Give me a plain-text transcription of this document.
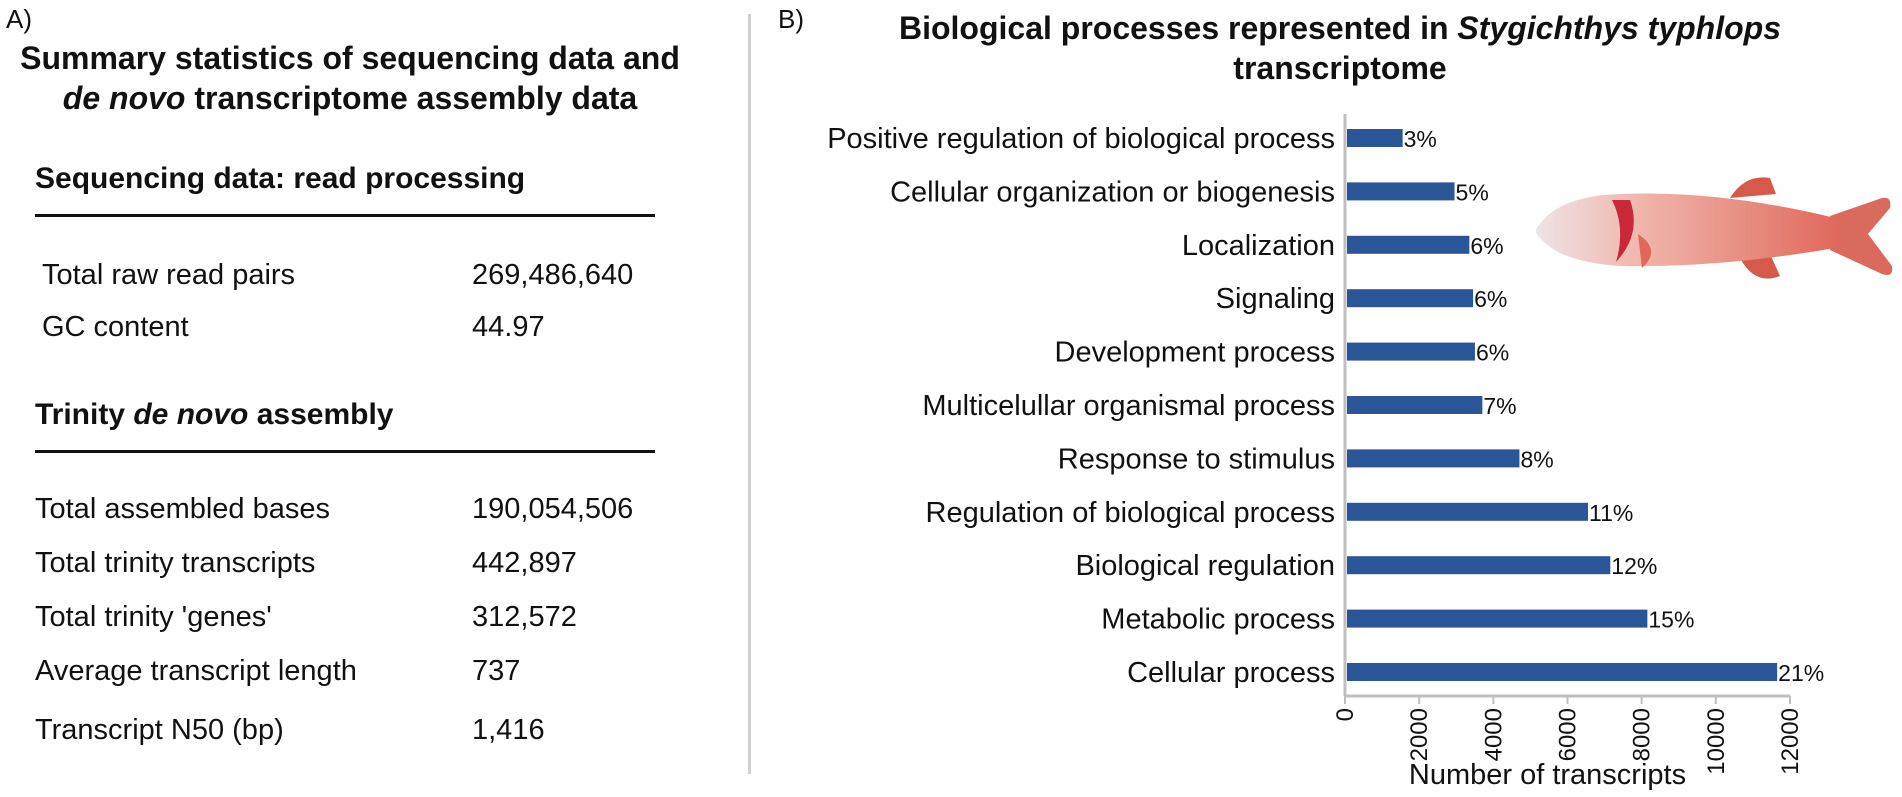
A)
Summary statistics of sequencing data and
de novo transcriptome assembly data
Sequencing data: read processing
Total raw read pairs	269,486,640
GC content	44.97
Trinity de novo assembly
Total assembled bases	190,054,506
Total trinity transcripts	442,897
Total trinity 'genes'	312,572
Average transcript length	737
Transcript N50 (bp)	1,416
B)	Biological processes represented in Stygichthys typhlops
transcriptome
Positive regulation of biological process	3%
Cellular organization or biogenesis	5%
Localization	6%
Signaling	6%
Development process	6%
Multicelullar organismal process	7%
Response to stimulus	8%
Regulation of biological process	11%
Biological regulation	12%
Metabolic process	15%
Cellular process	21%
0 2000 4000 6000 8000 10000 12000
Number of transcripts
